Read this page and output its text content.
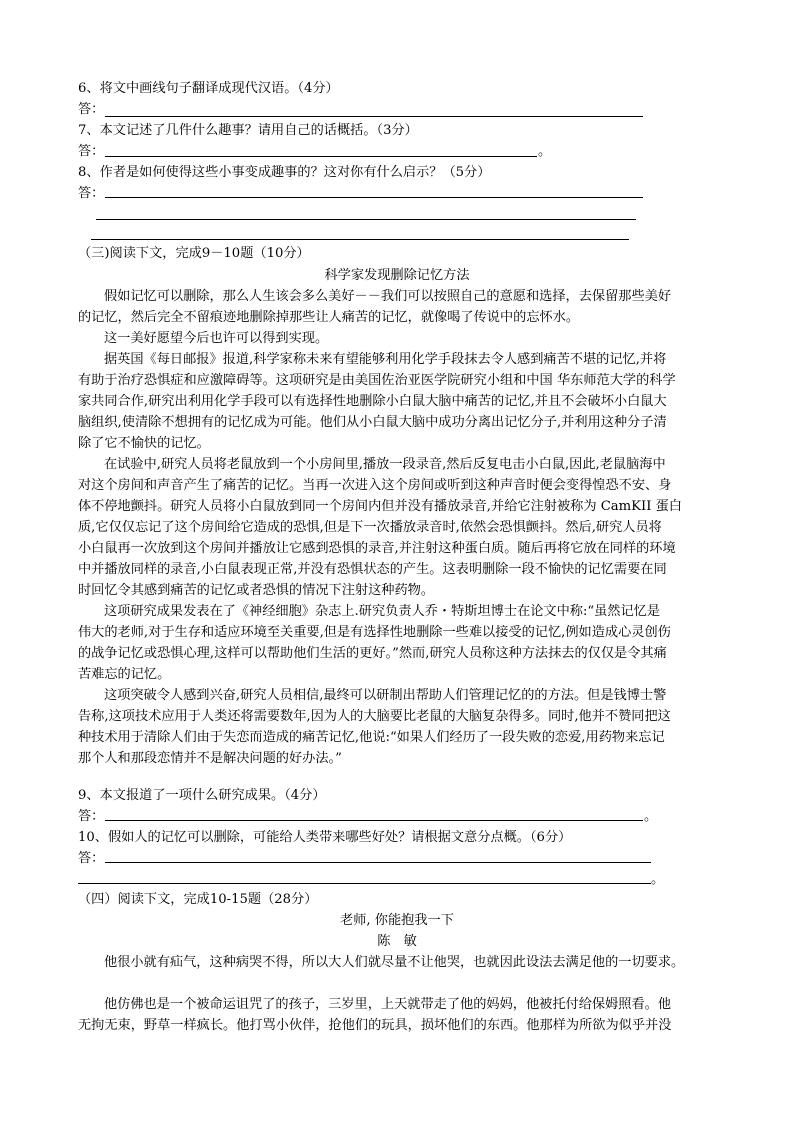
6、将文中画线句子翻译成现代汉语。（4分）
答：
7、本文记述了几件什么趣事？请用自己的话概括。（3分）
答：	。
8、作者是如何使得这些小事变成趣事的？这对你有什么启示？（5分）
答：
（三)阅读下文，完成9－10题（10分）
科学家发现删除记忆方法
假如记忆可以删除，那么人生该会多么美好－－我们可以按照自己的意愿和选择，去保留那些美好
的记忆，然后完全不留痕迹地删除掉那些让人痛苦的记忆，就像喝了传说中的忘怀水。
这一美好愿望今后也许可以得到实现。
据英国《每日邮报》报道,科学家称未来有望能够利用化学手段抹去令人感到痛苦不堪的记忆,并将
有助于治疗恐惧症和应激障碍等。这项研究是由美国佐治亚医学院研究小组和中国 华东师范大学的科学
家共同合作,研究出利用化学手段可以有选择性地删除小白鼠大脑中痛苦的记忆,并且不会破坏小白鼠大
脑组织,使清除不想拥有的记忆成为可能。他们从小白鼠大脑中成功分离出记忆分子,并利用这种分子清
除了它不愉快的记忆。
在试验中,研究人员将老鼠放到一个小房间里,播放一段录音,然后反复电击小白鼠,因此,老鼠脑海中
对这个房间和声音产生了痛苦的记忆。当再一次进入这个房间或听到这种声音时便会变得惶恐不安、身
体不停地颤抖。研究人员将小白鼠放到同一个房间内但并没有播放录音,并给它注射被称为 CamKII 蛋白
质,它仅仅忘记了这个房间给它造成的恐惧,但是下一次播放录音时,依然会恐惧颤抖。然后,研究人员将
小白鼠再一次放到这个房间并播放让它感到恐惧的录音,并注射这种蛋白质。随后再将它放在同样的环境
中并播放同样的录音,小白鼠表现正常,并没有恐惧状态的产生。这表明删除一段不愉快的记忆需要在同
时回忆令其感到痛苦的记忆或者恐惧的情况下注射这种药物。
这项研究成果发表在了《神经细胞》杂志上.研究负责人乔・特斯坦博士在论文中称:“虽然记忆是
伟大的老师,对于生存和适应环境至关重要,但是有选择性地删除一些难以接受的记忆,例如造成心灵创伤
的战争记忆或恐惧心理,这样可以帮助他们生活的更好。”然而,研究人员称这种方法抹去的仅仅是令其痛
苦难忘的记忆。
这项突破令人感到兴奋,研究人员相信,最终可以研制出帮助人们管理记忆的的方法。但是钱博士警
告称,这项技术应用于人类还将需要数年,因为人的大脑要比老鼠的大脑复杂得多。同时,他并不赞同把这
种技术用于清除人们由于失恋而造成的痛苦记忆,他说:“如果人们经历了一段失败的恋爱,用药物来忘记
那个人和那段恋情并不是解决问题的好办法。”
9、本文报道了一项什么研究成果。（4分）
答：	。
10、假如人的记忆可以删除，可能给人类带来哪些好处？请根据文意分点概。（6分）
答：
。
（四）阅读下文，完成10-15题（28分）
老师, 你能抱我一下
陈　敏
他很小就有疝气，这种病哭不得，所以大人们就尽量不让他哭，也就因此设法去满足他的一切要求。
他仿佛也是一个被命运诅咒了的孩子，三岁里，上天就带走了他的妈妈，他被托付给保姆照看。他
无拘无束，野草一样疯长。他打骂小伙伴，抢他们的玩具，损坏他们的东西。他那样为所欲为似乎并没
